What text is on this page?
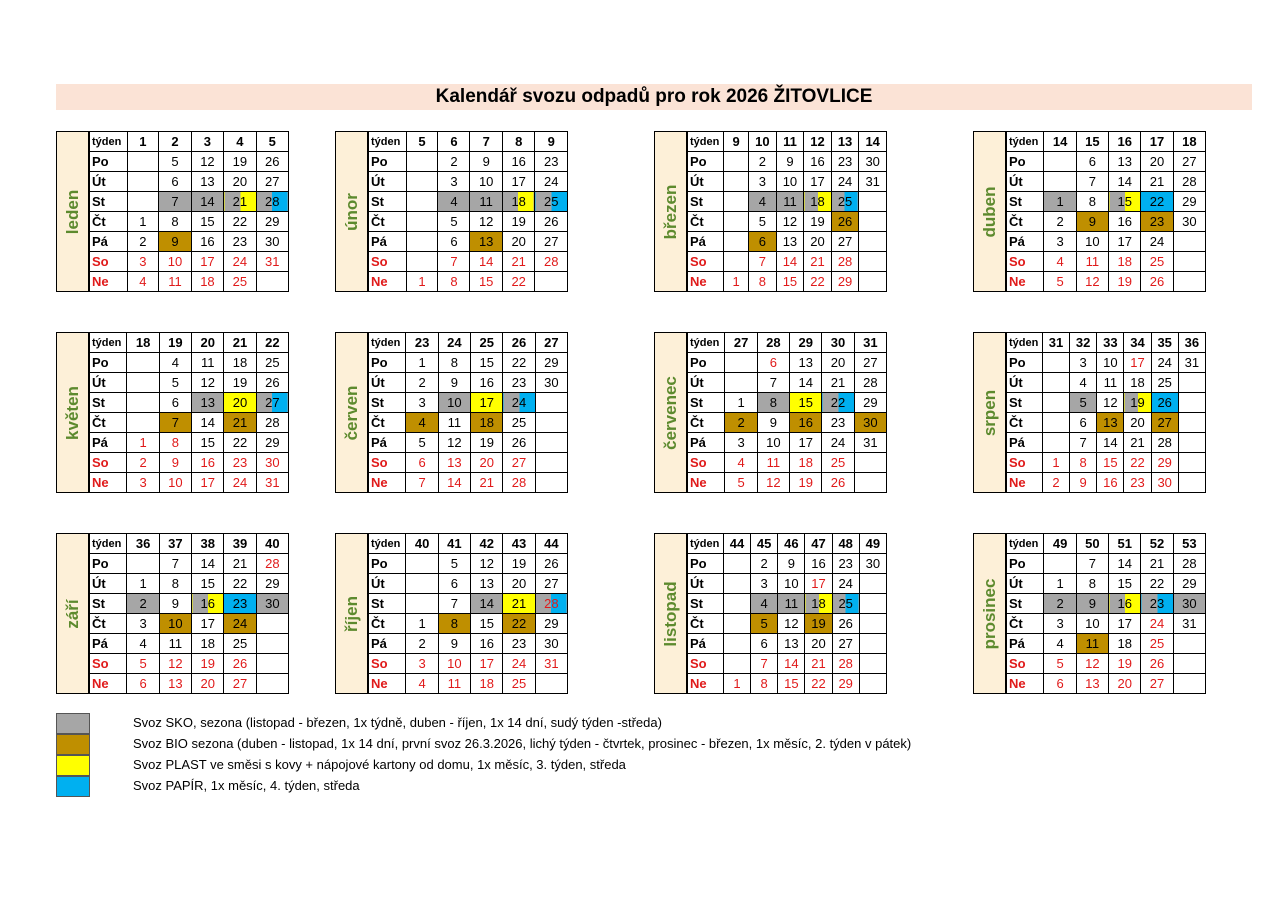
Kalendář svozu odpadů pro rok 2026 ŽITOVLICE
leden
týden	1	2	3	4	5
Po		5	12	19	26
Út		6	13	20	27
St		7	14	21	28
Čt	1	8	15	22	29
Pá	2	9	16	23	30
So	3	10	17	24	31
Ne	4	11	18	25	
únor
týden	5	6	7	8	9
Po		2	9	16	23
Út		3	10	17	24
St		4	11	18	25
Čt		5	12	19	26
Pá		6	13	20	27
So		7	14	21	28
Ne	1	8	15	22	
březen
týden	9	10	11	12	13	14
Po		2	9	16	23	30
Út		3	10	17	24	31
St		4	11	18	25	
Čt		5	12	19	26	
Pá		6	13	20	27	
So		7	14	21	28	
Ne	1	8	15	22	29	
duben
týden	14	15	16	17	18
Po		6	13	20	27
Út		7	14	21	28
St	1	8	15	22	29
Čt	2	9	16	23	30
Pá	3	10	17	24	
So	4	11	18	25	
Ne	5	12	19	26	
květen
týden	18	19	20	21	22
Po		4	11	18	25
Út		5	12	19	26
St		6	13	20	27
Čt		7	14	21	28
Pá	1	8	15	22	29
So	2	9	16	23	30
Ne	3	10	17	24	31
červen
týden	23	24	25	26	27
Po	1	8	15	22	29
Út	2	9	16	23	30
St	3	10	17	24	
Čt	4	11	18	25	
Pá	5	12	19	26	
So	6	13	20	27	
Ne	7	14	21	28	
červenec
týden	27	28	29	30	31
Po		6	13	20	27
Út		7	14	21	28
St	1	8	15	22	29
Čt	2	9	16	23	30
Pá	3	10	17	24	31
So	4	11	18	25	
Ne	5	12	19	26	
srpen
týden	31	32	33	34	35	36
Po		3	10	17	24	31
Út		4	11	18	25	
St		5	12	19	26	
Čt		6	13	20	27	
Pá		7	14	21	28	
So	1	8	15	22	29	
Ne	2	9	16	23	30	
září
týden	36	37	38	39	40
Po		7	14	21	28
Út	1	8	15	22	29
St	2	9	16	23	30
Čt	3	10	17	24	
Pá	4	11	18	25	
So	5	12	19	26	
Ne	6	13	20	27	
říjen
týden	40	41	42	43	44
Po		5	12	19	26
Út		6	13	20	27
St		7	14	21	28
Čt	1	8	15	22	29
Pá	2	9	16	23	30
So	3	10	17	24	31
Ne	4	11	18	25	
listopad
týden	44	45	46	47	48	49
Po		2	9	16	23	30
Út		3	10	17	24	
St		4	11	18	25	
Čt		5	12	19	26	
Pá		6	13	20	27	
So		7	14	21	28	
Ne	1	8	15	22	29	
prosinec
týden	49	50	51	52	53
Po		7	14	21	28
Út	1	8	15	22	29
St	2	9	16	23	30
Čt	3	10	17	24	31
Pá	4	11	18	25	
So	5	12	19	26	
Ne	6	13	20	27	
Svoz SKO, sezona (listopad - březen, 1x týdně, duben - říjen, 1x 14 dní, sudý týden -středa)
Svoz BIO sezona (duben - listopad, 1x 14 dní, první svoz 26.3.2026, lichý týden - čtvrtek, prosinec - březen, 1x měsíc, 2. týden v pátek)
Svoz PLAST ve směsi s kovy + nápojové kartony od domu, 1x měsíc, 3. týden, středa
Svoz PAPÍR, 1x měsíc, 4. týden, středa
